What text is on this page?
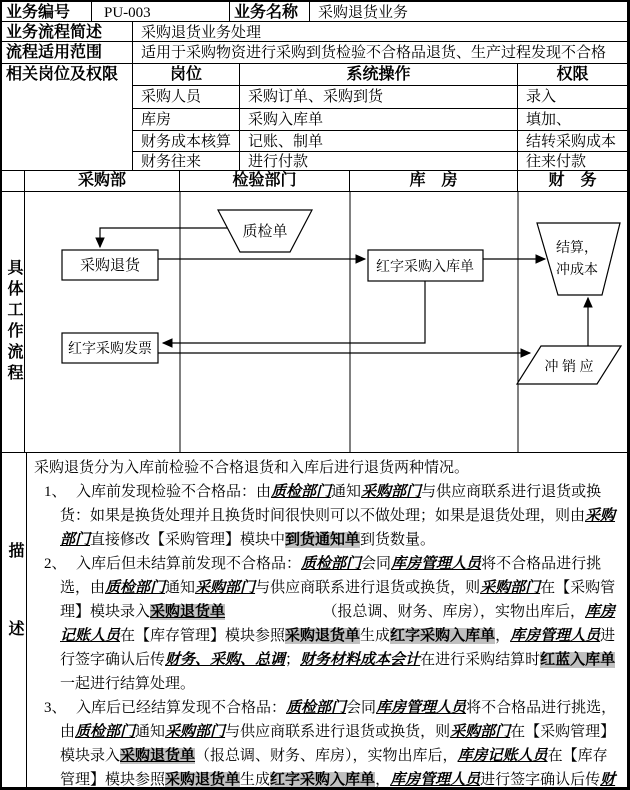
业务编号	PU-003	业务名称	采购退货业务
业务流程简述	采购退货业务处理
流程适用范围	适用于采购物资进行采购到货检验不合格品退货、生产过程发现不合格
相关岗位及权限	岗位	系统操作	权限
采购人员	采购订单、采购到货	录入
库房	采购入库单	填加、
财务成本核算	记账、制单	结转采购成本
财务往来	进行付款	往来付款
采购部	检验部门	库　房	财　务
具体工作流程
质检单
采购退货	红字采购入库单
结算，
冲成本
红字采购发票
冲 销 应
描述

采购退货分为入库前检验不合格退货和入库后进行退货两种情况。

1、 入库前发现检验不合格品：由质检部门通知采购部门与供应商联系进行退货或换货：如果是换货处理并且换货时间很快则可以不做处理；如果是退货处理，则由采购部门直接修改【采购管理】模块中到货通知单到货数量。
2、 入库后但未结算前发现不合格品：质检部门会同库房管理人员将不合格品进行挑选，由质检部门通知采购部门与供应商联系进行退货或换货，则采购部门在【采购管理】模块录入采购退货单　　　　　　　（报总调、财务、库房），实物出库后，库房记账人员在【库存管理】模块参照采购退货单生成红字采购入库单，库房管理人员进行签字确认后传财务、采购、总调；财务材料成本会计在进行采购结算时红蓝入库单一起进行结算处理。
3、 入库后已经结算发现不合格品：质检部门会同库房管理人员将不合格品进行挑选，由质检部门通知采购部门与供应商联系进行退货或换货，则采购部门在【采购管理】模块录入采购退货单（报总调、财务、库房），实物出库后，库房记账人员在【库存管理】模块参照采购退货单生成红字采购入库单，库房管理人员进行签字确认后传财
